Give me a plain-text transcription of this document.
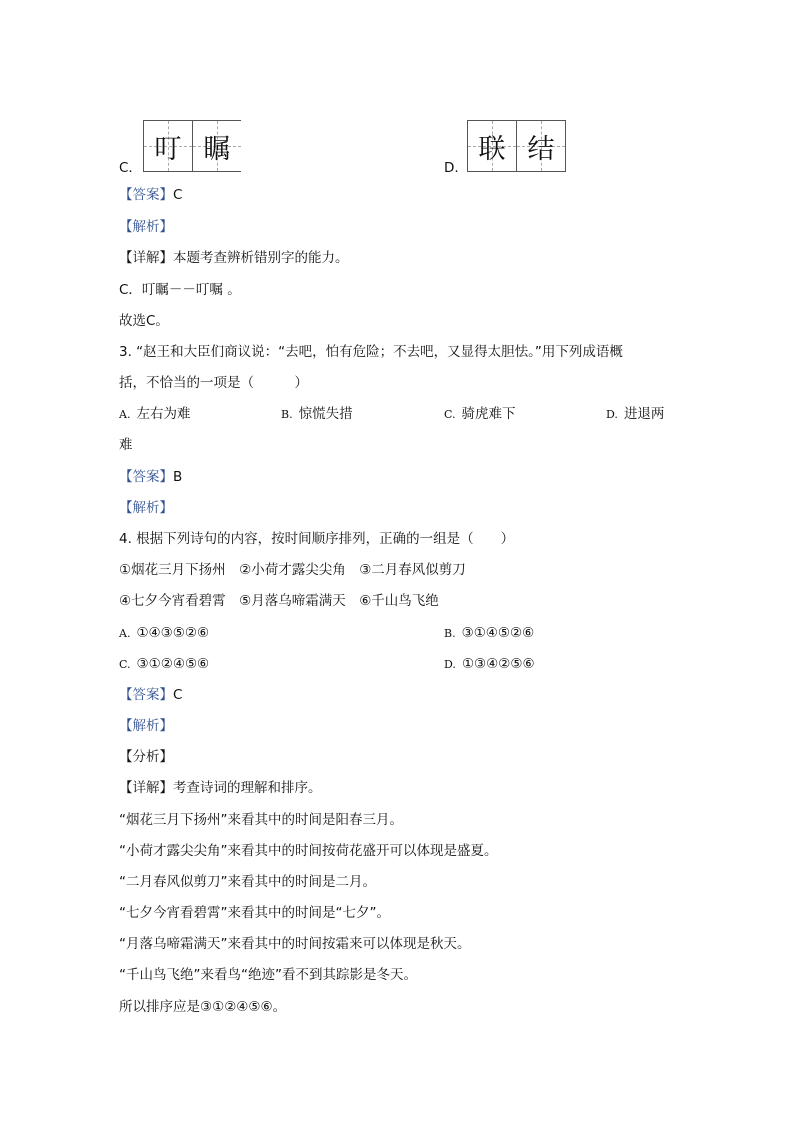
C.
叮 瞩
D.
联 结
【答案】C
【解析】
【详解】本题考查辨析错别字的能力。
C．叮瞩－－叮嘱 。
故选C。
3. “赵王和大臣们商议说：“去吧，怕有危险；不去吧，又显得太胆怯。”用下列成语概
括，不恰当的一项是（　　　）
A. 左右为难	B. 惊慌失措	C. 骑虎难下	D. 进退两
难
【答案】B
【解析】
4. 根据下列诗句的内容，按时间顺序排列，正确的一组是（　　）
①烟花三月下扬州　②小荷才露尖尖角　③二月春风似剪刀
④七夕今宵看碧霄　⑤月落乌啼霜满天　⑥千山鸟飞绝
A. ①④③⑤②⑥	B. ③①④⑤②⑥
C. ③①②④⑤⑥	D. ①③④②⑤⑥
【答案】C
【解析】
【分析】
【详解】考查诗词的理解和排序。
“烟花三月下扬州”来看其中的时间是阳春三月。
“小荷才露尖尖角”来看其中的时间按荷花盛开可以体现是盛夏。
“二月春风似剪刀”来看其中的时间是二月。
“七夕今宵看碧霄”来看其中的时间是“七夕”。
“月落乌啼霜满天”来看其中的时间按霜来可以体现是秋天。
“千山鸟飞绝”来看鸟“绝迹”看不到其踪影是冬天。
所以排序应是③①②④⑤⑥。
